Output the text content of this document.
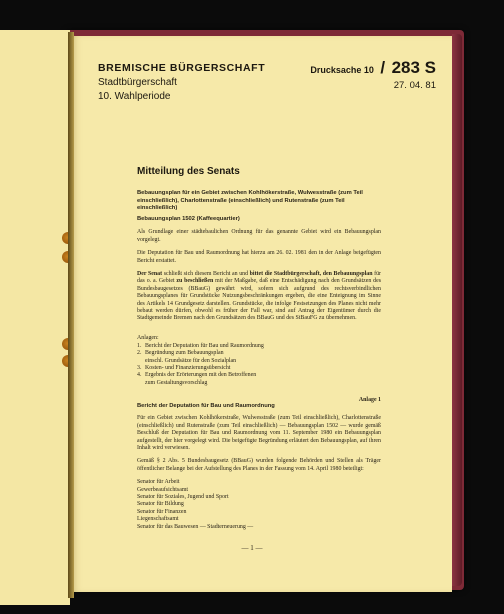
BREMISCHE BÜRGERSCHAFT

Stadtbürgerschaft

10. Wahlperiode

Drucksache 10 / 283 S
27. 04. 81

Mitteilung des Senats

Bebauungsplan für ein Gebiet zwischen Kohlhökerstraße, Wulwesstraße (zum Teil einschließlich), Charlottenstraße (einschließlich) und Rutenstraße (zum Teil einschließlich)

Bebauungsplan 1502 (Kaffeequartier)

Als Grundlage einer städtebaulichen Ordnung für das genannte Gebiet wird ein Bebauungsplan vorgelegt.

Die Deputation für Bau und Raumordnung hat hierzu am 26. 02. 1981 den in der Anlage beigefügten Bericht erstattet.

Der Senat schließt sich diesem Bericht an und bittet die Stadtbürgerschaft, den Bebauungsplan für das o. a. Gebiet zu beschließen mit der Maßgabe, daß eine Entschädigung nach den Grundsätzen des Bundesbaugesetzes (BBauG) gewährt wird, sofern sich aufgrund des rechtsverbindlichen Bebauungsplanes für Grundstücke Nutzungsbeschränkungen ergeben, die eine Enteignung im Sinne des Artikels 14 Grundgesetz darstellen. Grundstücke, die infolge Festsetzungen des Planes nicht mehr bebaut werden dürfen, obwohl es früher der Fall war, sind auf Antrag der Eigentümer durch die Stadtgemeinde Bremen nach den Grundsätzen des BBauG und des StBauFG zu übernehmen.

Anlagen:

1. Bericht der Deputation für Bau und Raumordnung
2. Begründung zum Bebauungsplan
einschl. Grundsätze für den Sozialplan
3. Kosten- und Finanzierungsübersicht
4. Ergebnis der Erörterungen mit den Betroffenen
zum Gestaltungsvorschlag

Anlage 1

Bericht der Deputation für Bau und Raumordnung

Für ein Gebiet zwischen Kohlhökerstraße, Wulwesstraße (zum Teil einschließlich), Charlottenstraße (einschließlich) und Rutenstraße (zum Teil einschließlich) — Bebauungsplan 1502 — wurde gemäß Beschluß der Deputation für Bau und Raumordnung vom 11. September 1980 ein Bebauungsplan aufgestellt, der hier vorgelegt wird. Die beigefügte Begründung erläutert den Bebauungsplan, auf ihren Inhalt wird verwiesen.

Gemäß § 2 Abs. 5 Bundesbaugesetz (BBauG) wurden folgende Behörden und Stellen als Träger öffentlicher Belange bei der Aufstellung des Planes in der Fassung vom 14. April 1980 beteiligt:

Senator für Arbeit
Gewerbeaufsichtsamt
Senator für Soziales, Jugend und Sport
Senator für Bildung
Senator für Finanzen
Liegenschaftsamt
Senator für das Bauwesen — Stadterneuerung —
— 1 —
